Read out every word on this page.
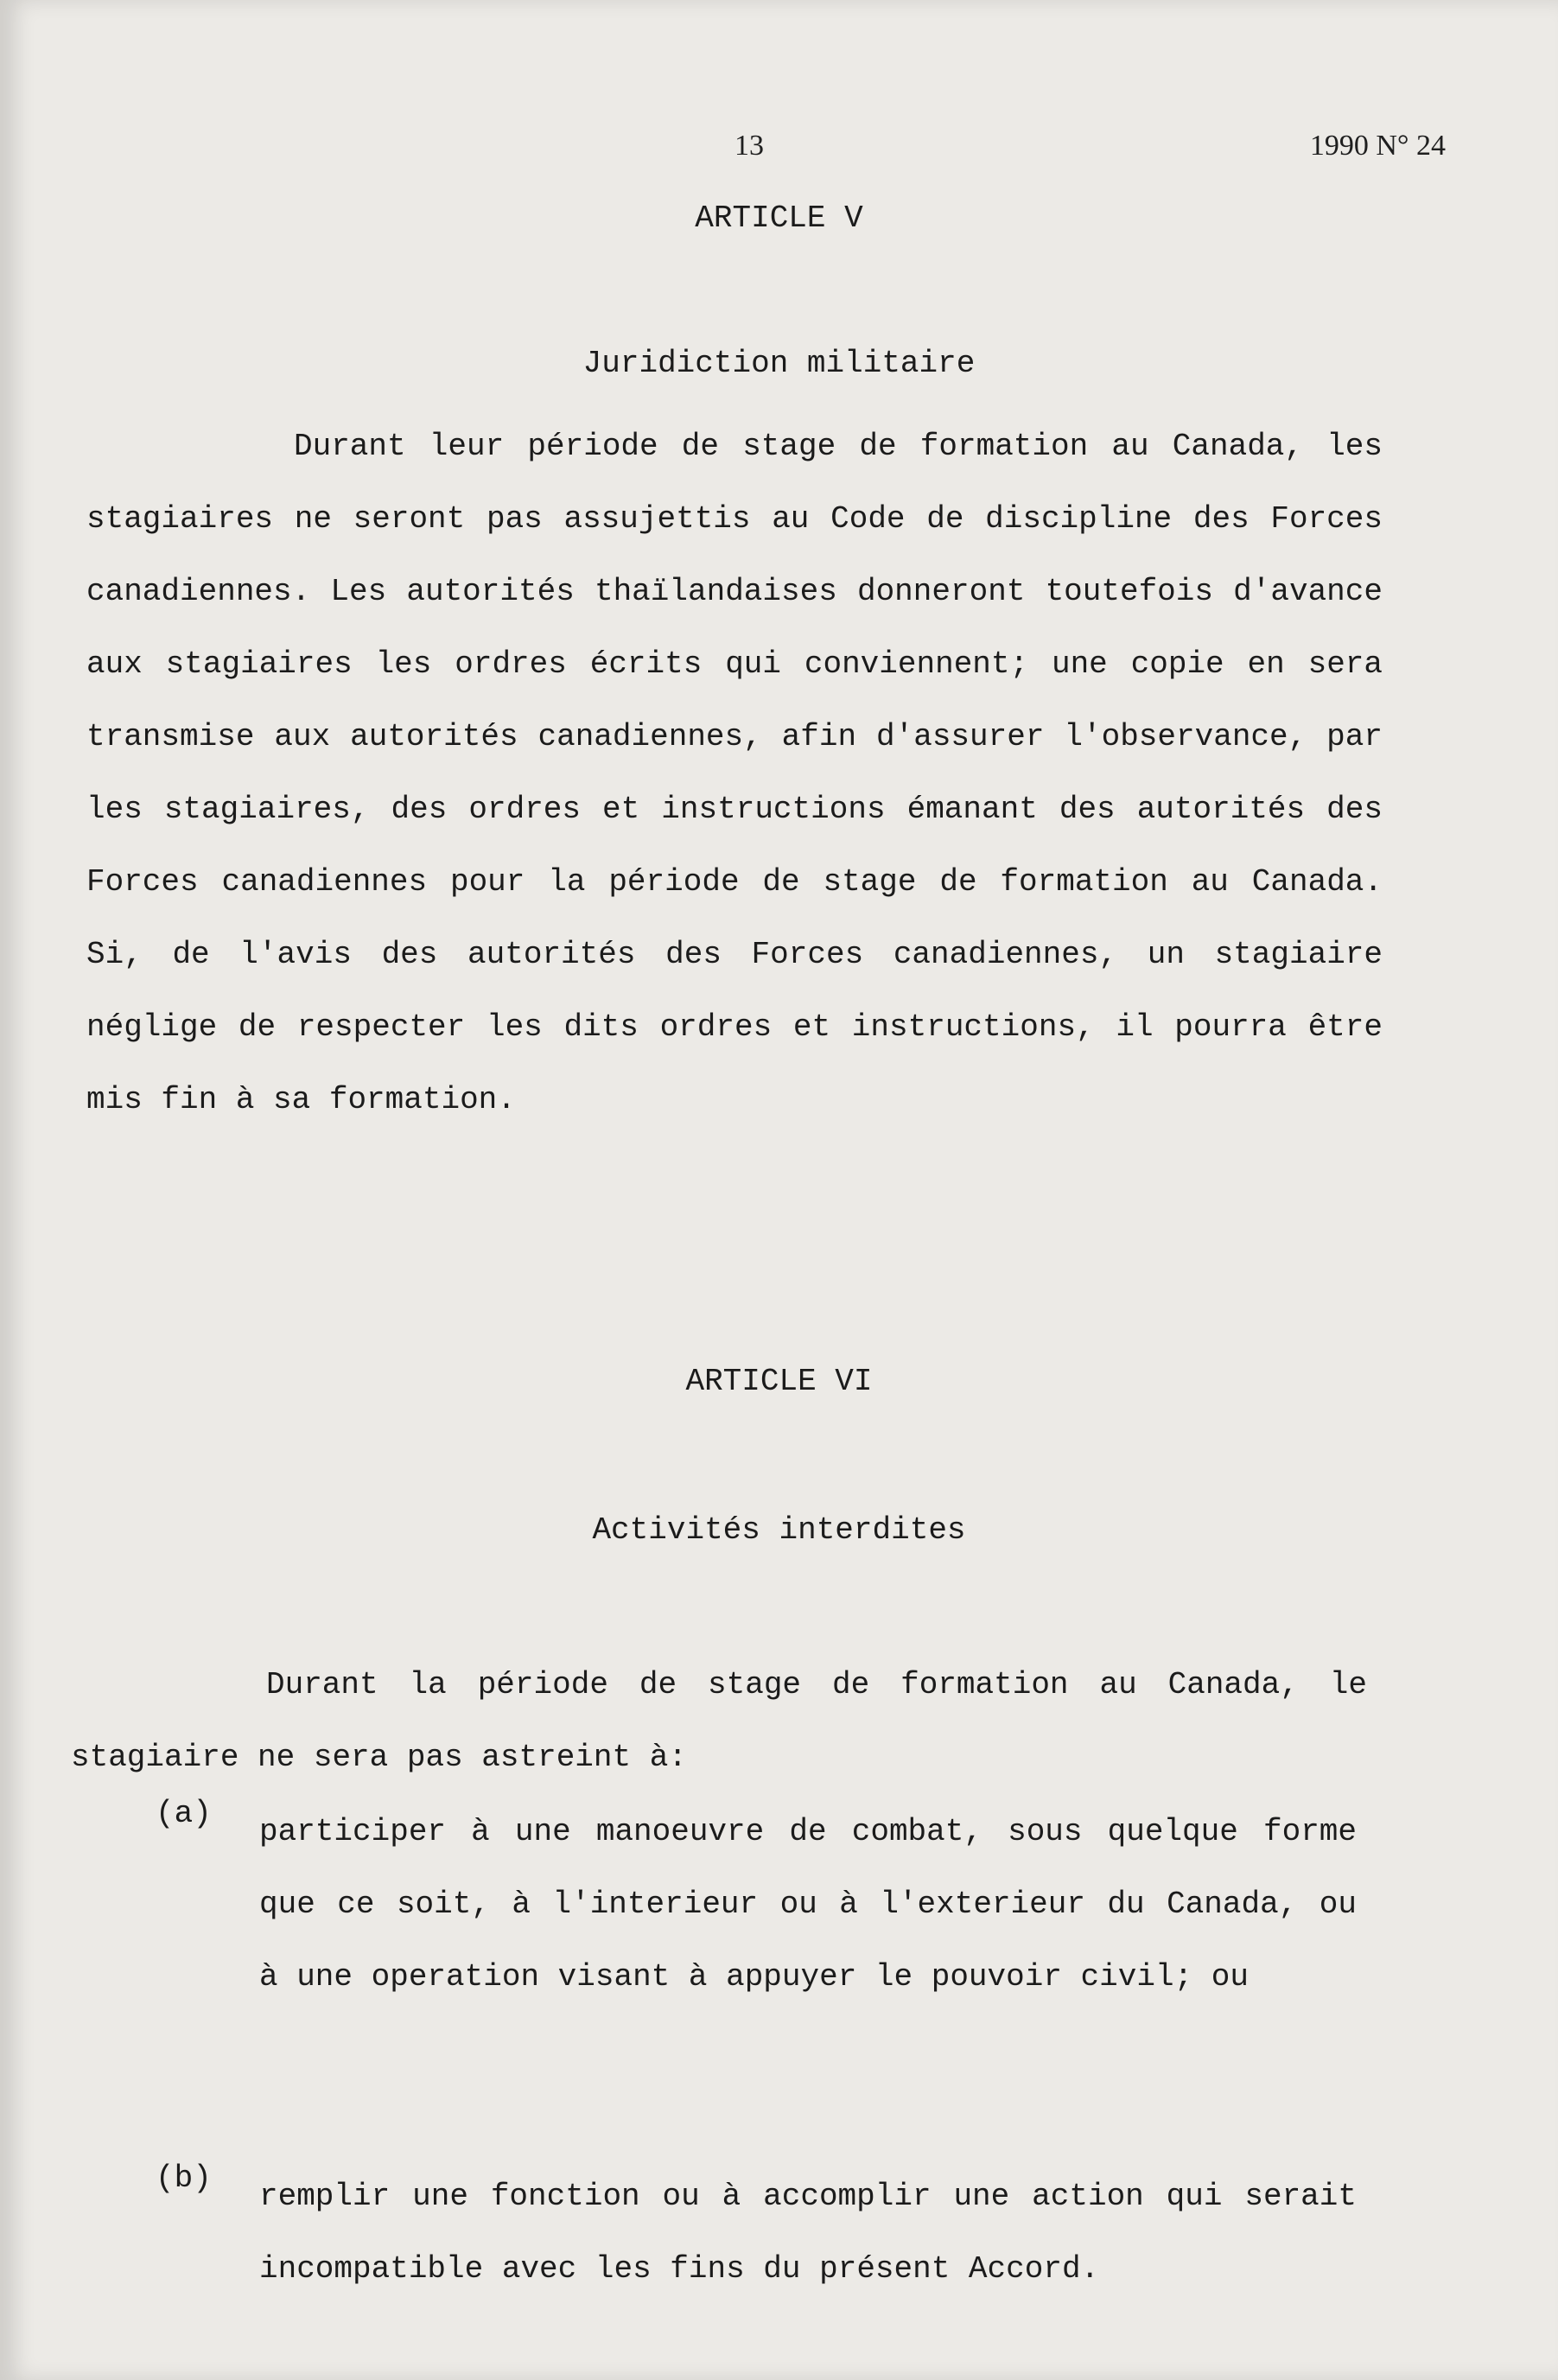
13	1990 N° 24
ARTICLE V
Juridiction militaire

Durant leur période de stage de formation au Canada, les stagiaires ne seront pas assujettis au Code de discipline des Forces canadiennes. Les autorités thaïlandaises donneront toutefois d'avance aux stagiaires les ordres écrits qui conviennent; une copie en sera transmise aux autorités canadiennes, afin d'assurer l'observance, par les stagiaires, des ordres et instructions émanant des autorités des Forces canadiennes pour la période de stage de formation au Canada. Si, de l'avis des autorités des Forces canadiennes, un stagiaire néglige de respecter les dits ordres et instructions, il pourra être mis fin à sa formation.

ARTICLE VI
Activités interdites

Durant la période de stage de formation au Canada, le stagiaire ne sera pas astreint à:

(a)

participer à une manoeuvre de combat, sous quelque forme que ce soit, à l'interieur ou à l'exterieur du Canada, ou à une operation visant à appuyer le pouvoir civil; ou

(b)

remplir une fonction ou à accomplir une action qui serait incompatible avec les fins du présent Accord.
